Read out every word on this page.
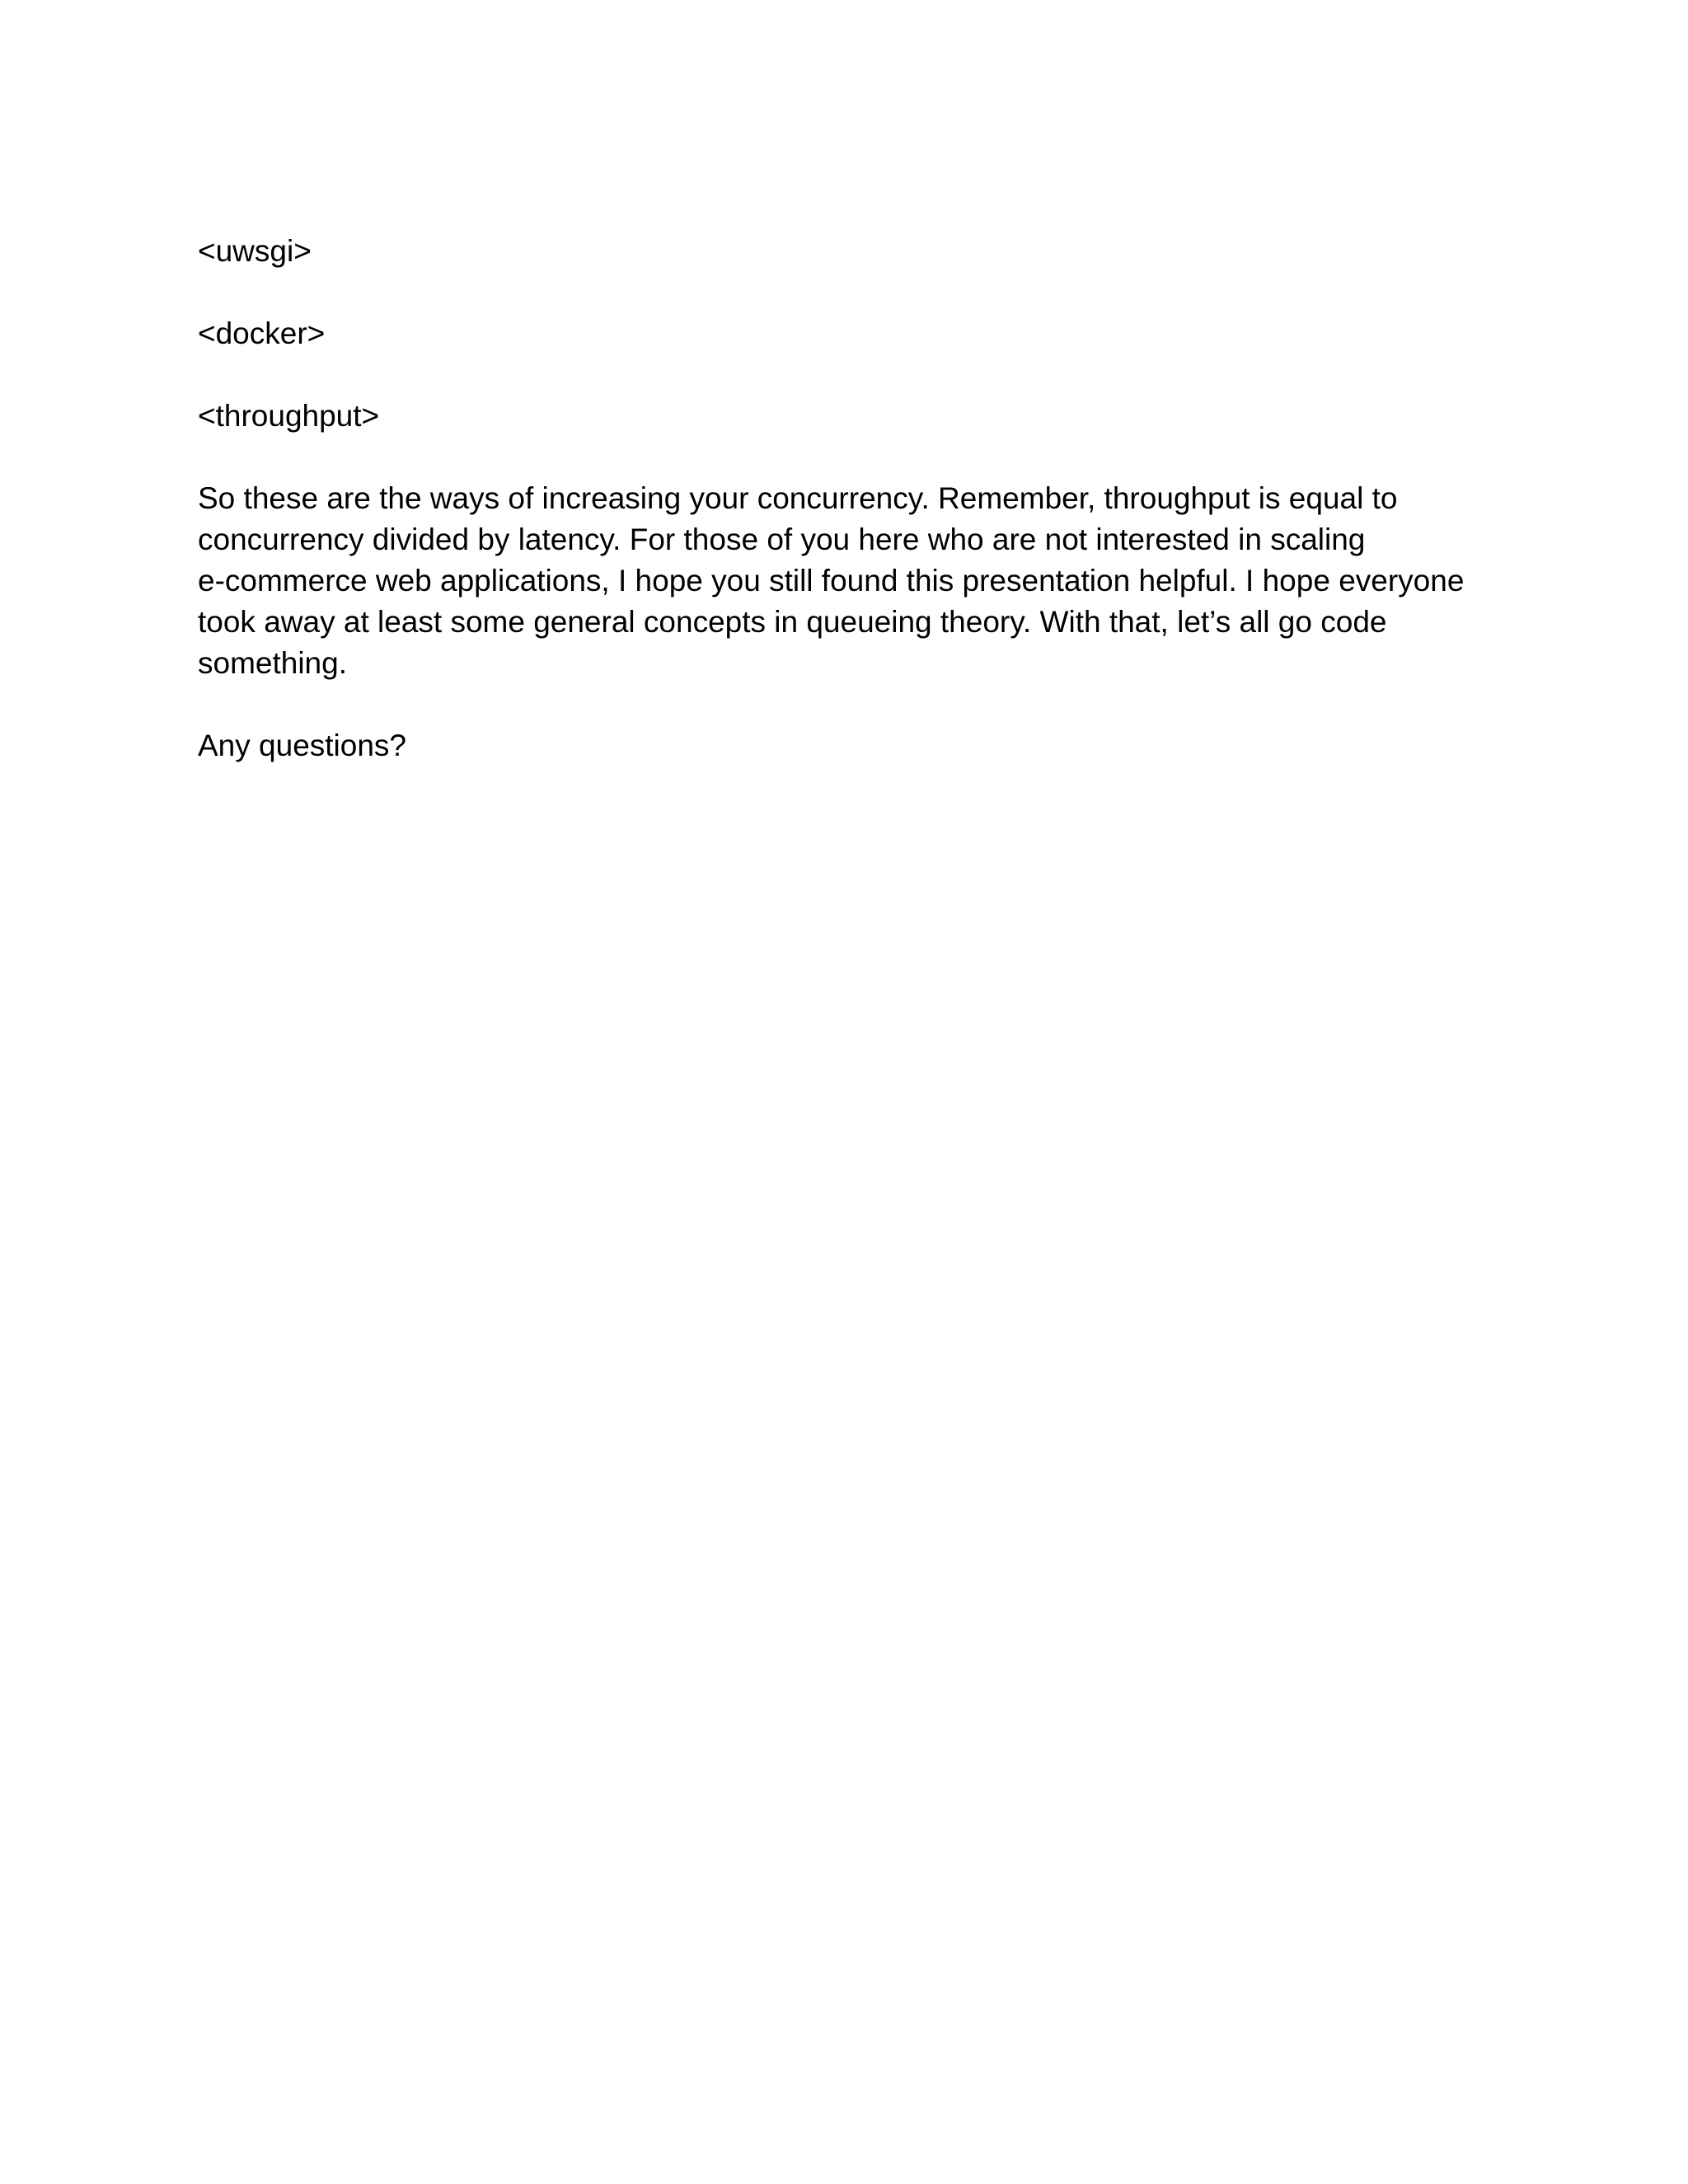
<uwsgi>
<docker>
<throughput>
So these are the ways of increasing your concurrency. Remember, throughput is equal to
concurrency divided by latency. For those of you here who are not interested in scaling
e-commerce web applications, I hope you still found this presentation helpful. I hope everyone
took away at least some general concepts in queueing theory. With that, let’s all go code
something.
Any questions?
